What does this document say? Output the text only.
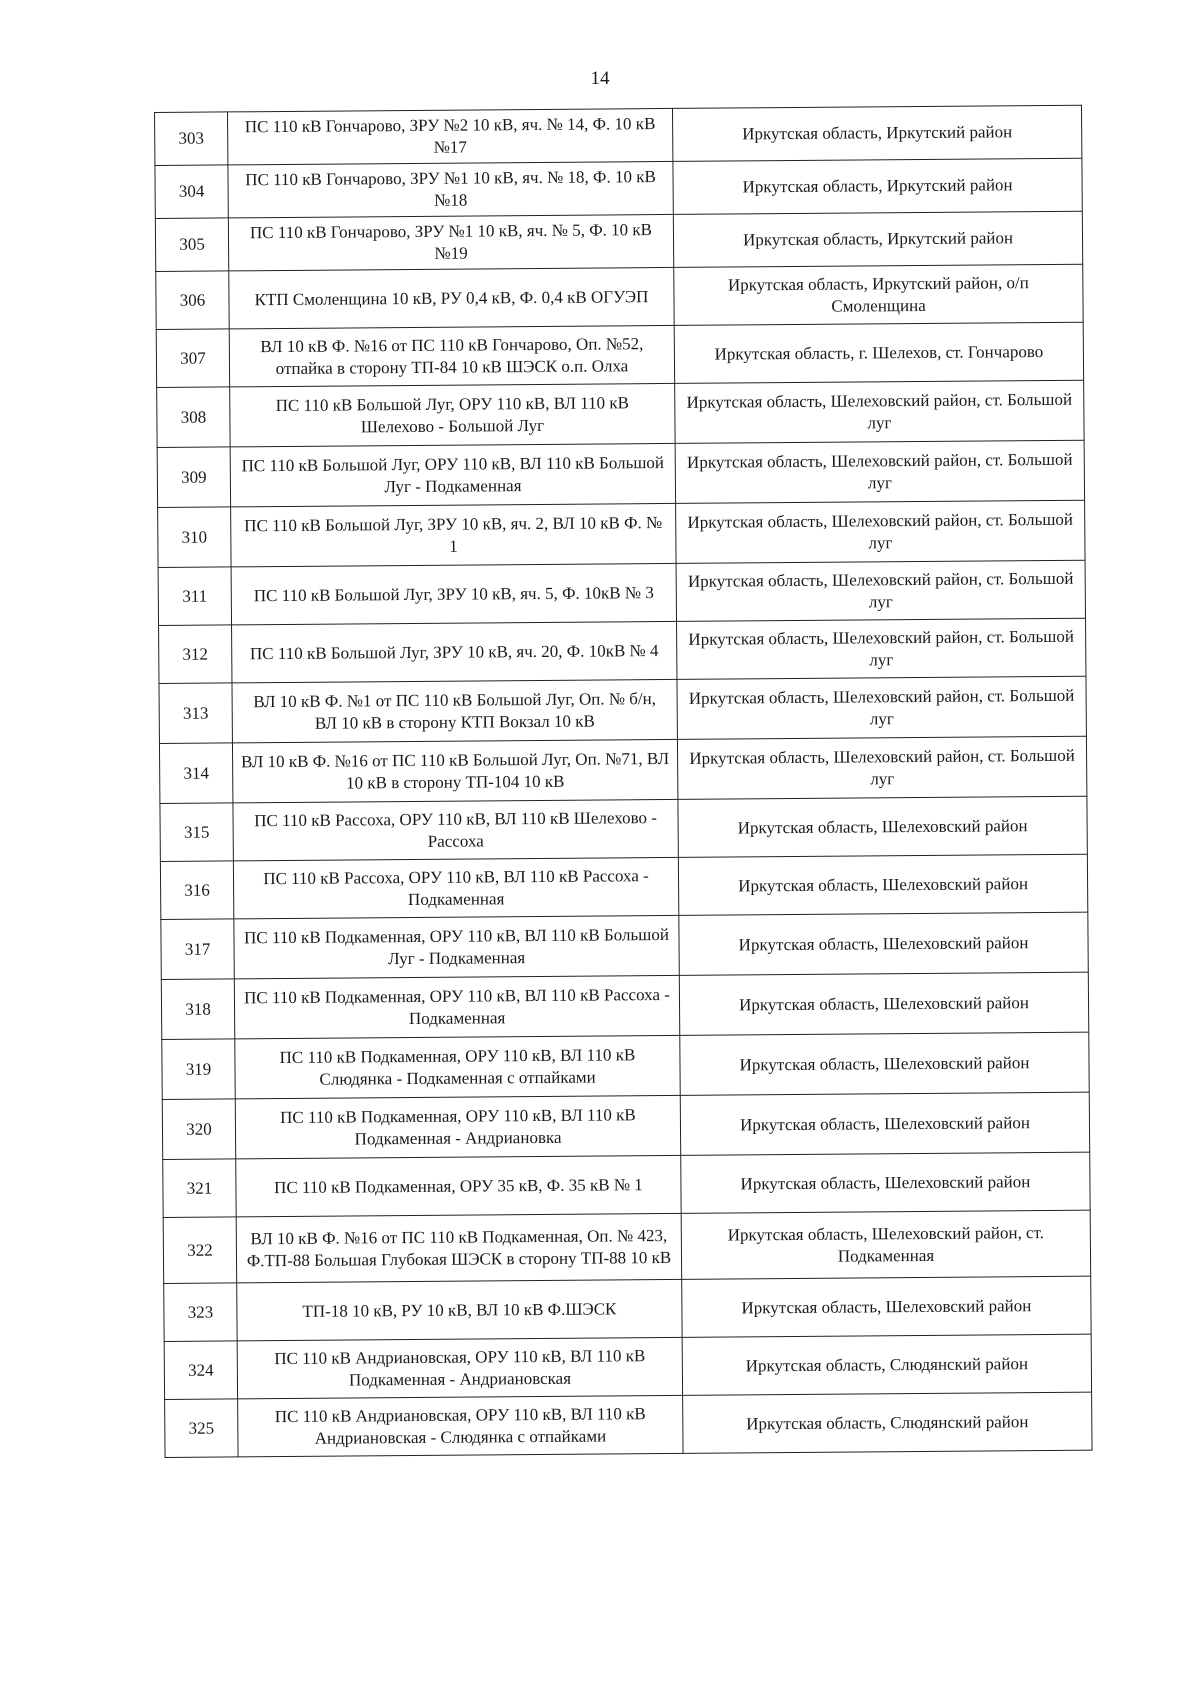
14
303	ПС 110 кВ Гончарово, ЗРУ №2 10 кВ, яч. № 14, Ф. 10 кВ №17	Иркутская область, Иркутский район
304	ПС 110 кВ Гончарово, ЗРУ №1 10 кВ, яч. № 18, Ф. 10 кВ №18	Иркутская область, Иркутский район
305	ПС 110 кВ Гончарово, ЗРУ №1 10 кВ, яч. № 5, Ф. 10 кВ №19	Иркутская область, Иркутский район
306	КТП Смоленщина 10 кВ, РУ 0,4 кВ, Ф. 0,4 кВ ОГУЭП	Иркутская область, Иркутский район, о/п Смоленщина
307	ВЛ 10 кВ Ф. №16 от ПС 110 кВ Гончарово, Оп. №52, отпайка в сторону ТП-84 10 кВ ШЭСК о.п. Олха	Иркутская область, г. Шелехов, ст. Гончарово
308	ПС 110 кВ Большой Луг, ОРУ 110 кВ, ВЛ 110 кВ Шелехово - Большой Луг	Иркутская область, Шелеховский район, ст. Большой луг
309	ПС 110 кВ Большой Луг, ОРУ 110 кВ, ВЛ 110 кВ Большой Луг - Подкаменная	Иркутская область, Шелеховский район, ст. Большой луг
310	ПС 110 кВ Большой Луг, ЗРУ 10 кВ, яч. 2, ВЛ 10 кВ Ф. № 1	Иркутская область, Шелеховский район, ст. Большой луг
311	ПС 110 кВ Большой Луг, ЗРУ 10 кВ, яч. 5, Ф. 10кВ № 3	Иркутская область, Шелеховский район, ст. Большой луг
312	ПС 110 кВ Большой Луг, ЗРУ 10 кВ, яч. 20, Ф. 10кВ № 4	Иркутская область, Шелеховский район, ст. Большой луг
313	ВЛ 10 кВ Ф. №1 от ПС 110 кВ Большой Луг, Оп. № б/н, ВЛ 10 кВ в сторону КТП Вокзал 10 кВ	Иркутская область, Шелеховский район, ст. Большой луг
314	ВЛ 10 кВ Ф. №16 от ПС 110 кВ Большой Луг, Оп. №71, ВЛ 10 кВ в сторону ТП-104 10 кВ	Иркутская область, Шелеховский район, ст. Большой луг
315	ПС 110 кВ Рассоха, ОРУ 110 кВ, ВЛ 110 кВ Шелехово - Рассоха	Иркутская область, Шелеховский район
316	ПС 110 кВ Рассоха, ОРУ 110 кВ, ВЛ 110 кВ Рассоха - Подкаменная	Иркутская область, Шелеховский район
317	ПС 110 кВ Подкаменная, ОРУ 110 кВ, ВЛ 110 кВ Большой Луг - Подкаменная	Иркутская область, Шелеховский район
318	ПС 110 кВ Подкаменная, ОРУ 110 кВ, ВЛ 110 кВ Рассоха - Подкаменная	Иркутская область, Шелеховский район
319	ПС 110 кВ Подкаменная, ОРУ 110 кВ, ВЛ 110 кВ Слюдянка - Подкаменная с отпайками	Иркутская область, Шелеховский район
320	ПС 110 кВ Подкаменная, ОРУ 110 кВ, ВЛ 110 кВ Подкаменная - Андриановка	Иркутская область, Шелеховский район
321	ПС 110 кВ Подкаменная, ОРУ 35 кВ, Ф. 35 кВ № 1	Иркутская область, Шелеховский район
322	ВЛ 10 кВ Ф. №16 от ПС 110 кВ Подкаменная, Оп. № 423, Ф.ТП-88 Большая Глубокая ШЭСК в сторону ТП-88 10 кВ	Иркутская область, Шелеховский район, ст. Подкаменная
323	ТП-18 10 кВ, РУ 10 кВ, ВЛ 10 кВ Ф.ШЭСК	Иркутская область, Шелеховский район
324	ПС 110 кВ Андриановская, ОРУ 110 кВ, ВЛ 110 кВ Подкаменная - Андриановская	Иркутская область, Слюдянский район
325	ПС 110 кВ Андриановская, ОРУ 110 кВ, ВЛ 110 кВ Андриановская - Слюдянка с отпайками	Иркутская область, Слюдянский район
